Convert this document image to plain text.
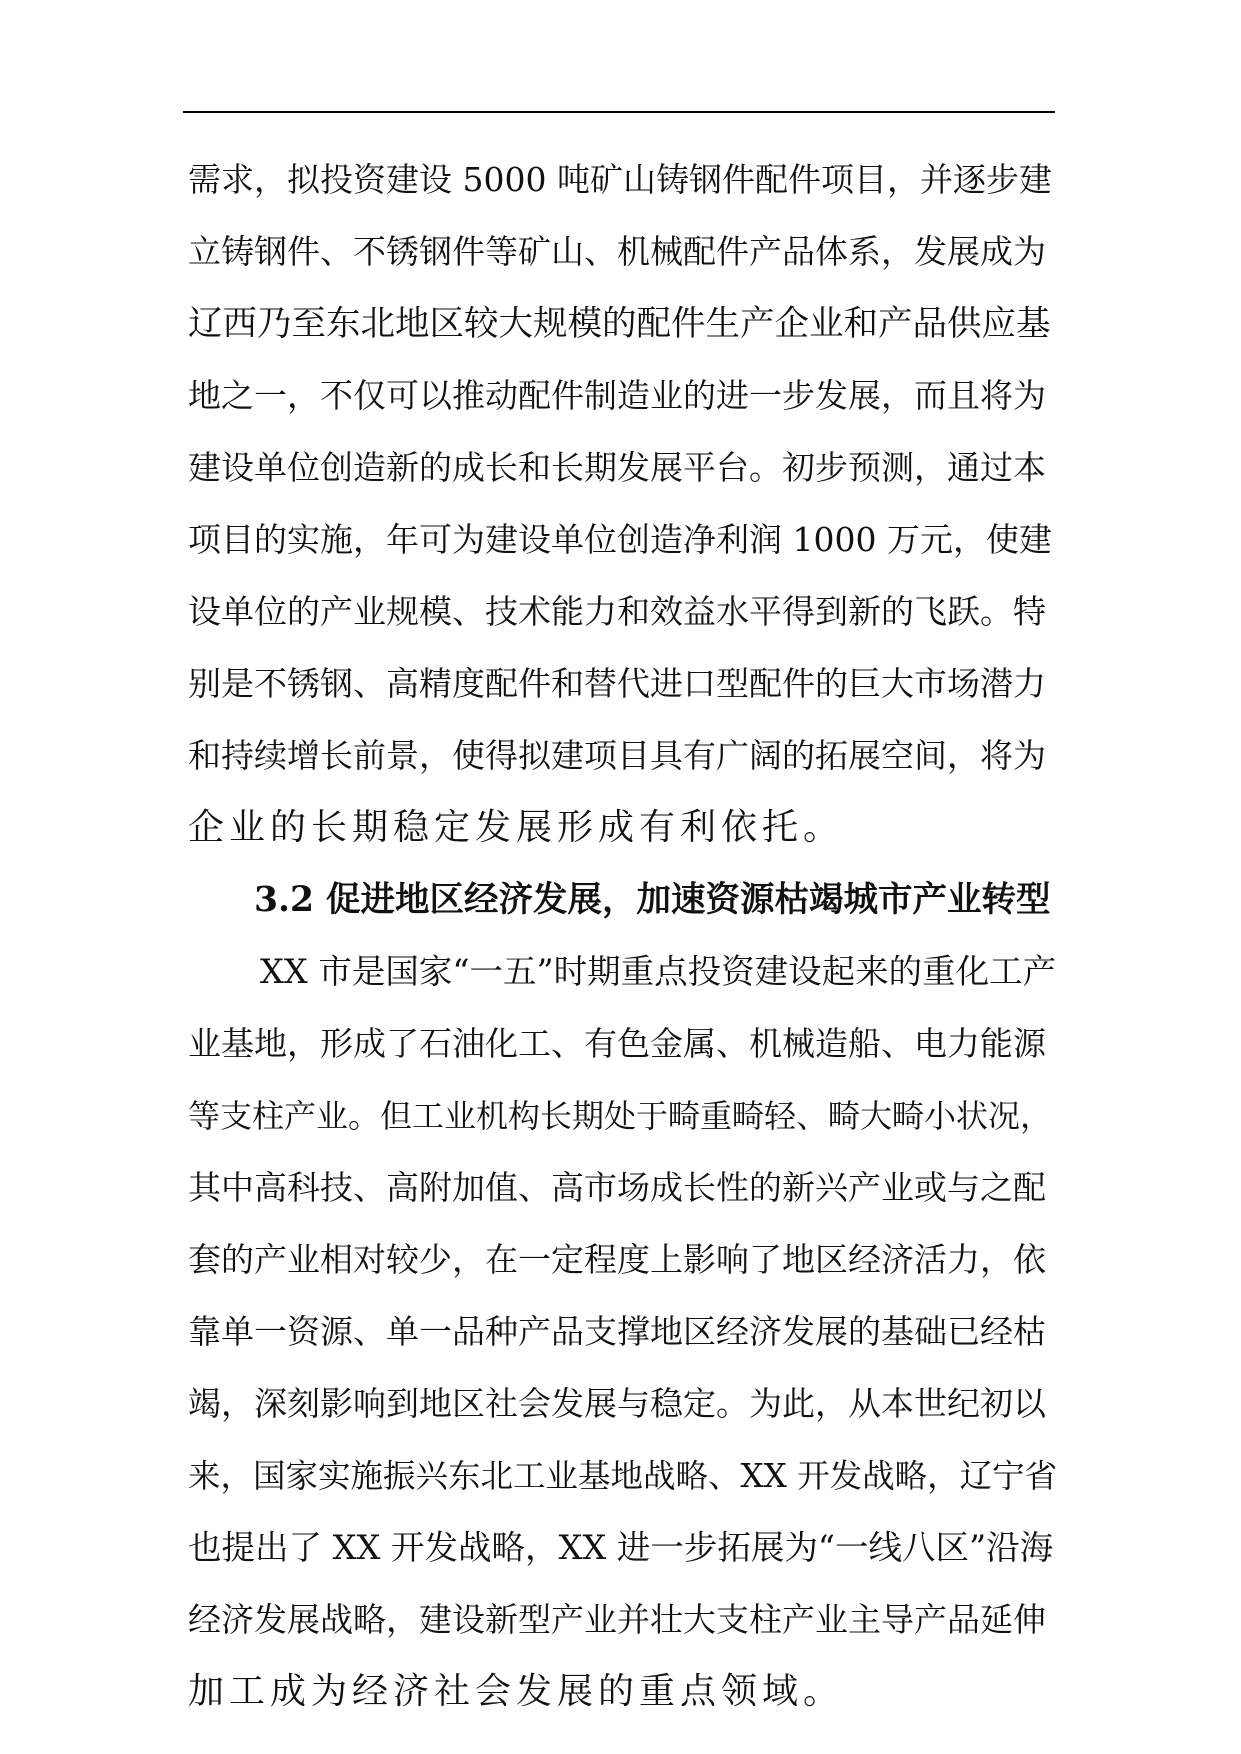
需求，拟投资建设 5000 吨矿山铸钢件配件项目，并逐步建
立铸钢件、不锈钢件等矿山、机械配件产品体系，发展成为
辽西乃至东北地区较大规模的配件生产企业和产品供应基
地之一，不仅可以推动配件制造业的进一步发展，而且将为
建设单位创造新的成长和长期发展平台。初步预测，通过本
项目的实施，年可为建设单位创造净利润 1000 万元，使建
设单位的产业规模、技术能力和效益水平得到新的飞跃。特
别是不锈钢、高精度配件和替代进口型配件的巨大市场潜力
和持续增长前景，使得拟建项目具有广阔的拓展空间，将为
企业的长期稳定发展形成有利依托。
3.2 促进地区经济发展，加速资源枯竭城市产业转型
XX 市是国家“一五”时期重点投资建设起来的重化工产
业基地，形成了石油化工、有色金属、机械造船、电力能源
等支柱产业。但工业机构长期处于畸重畸轻、畸大畸小状况，
其中高科技、高附加值、高市场成长性的新兴产业或与之配
套的产业相对较少，在一定程度上影响了地区经济活力，依
靠单一资源、单一品种产品支撑地区经济发展的基础已经枯
竭，深刻影响到地区社会发展与稳定。为此，从本世纪初以
来，国家实施振兴东北工业基地战略、XX 开发战略，辽宁省
也提出了 XX 开发战略，XX 进一步拓展为“一线八区”沿海
经济发展战略，建设新型产业并壮大支柱产业主导产品延伸
加工成为经济社会发展的重点领域。
